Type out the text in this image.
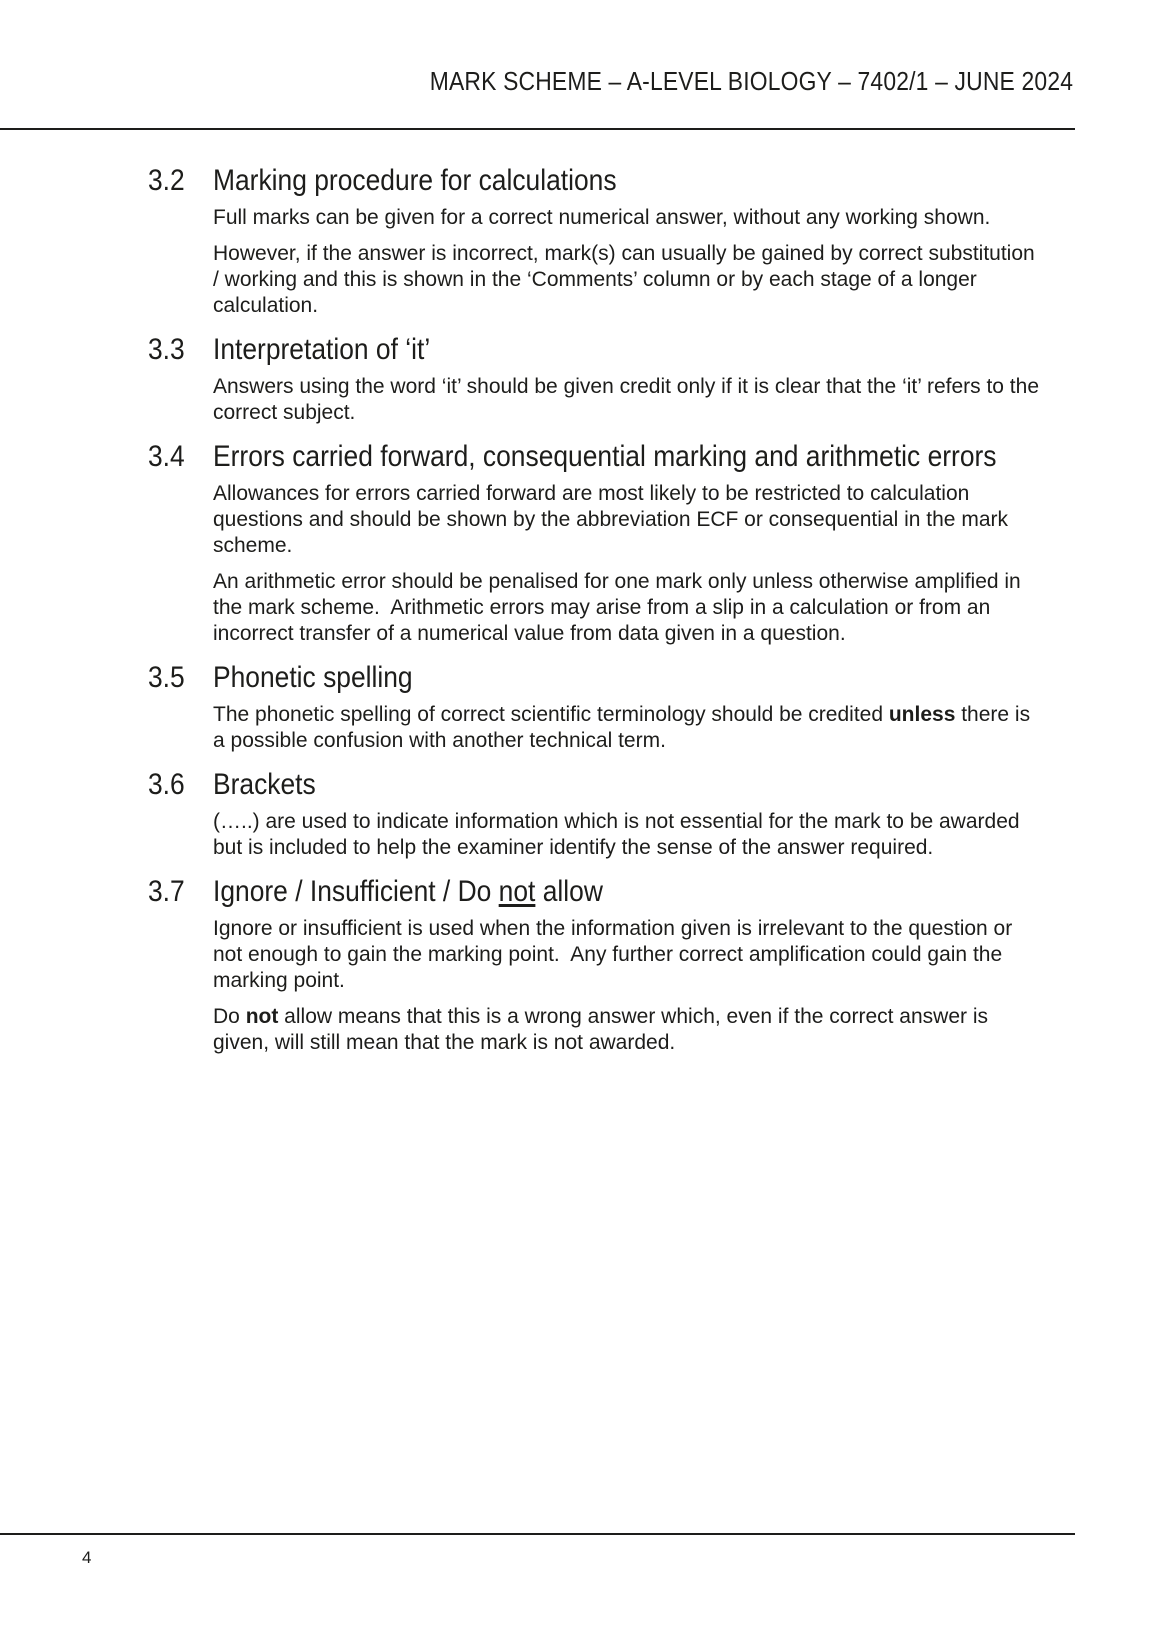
MARK SCHEME – A-LEVEL BIOLOGY – 7402/1 – JUNE 2024
3.2 Marking procedure for calculations

Full marks can be given for a correct numerical answer, without any working shown.

However, if the answer is incorrect, mark(s) can usually be gained by correct substitution / working and this is shown in the ‘Comments’ column or by each stage of a longer calculation.

3.3 Interpretation of ‘it’

Answers using the word ‘it’ should be given credit only if it is clear that the ‘it’ refers to the correct subject.

3.4 Errors carried forward, consequential marking and arithmetic errors

Allowances for errors carried forward are most likely to be restricted to calculation questions and should be shown by the abbreviation ECF or consequential in the mark scheme.

An arithmetic error should be penalised for one mark only unless otherwise amplified in the mark scheme.  Arithmetic errors may arise from a slip in a calculation or from an incorrect transfer of a numerical value from data given in a question.

3.5 Phonetic spelling

The phonetic spelling of correct scientific terminology should be credited unless there is a possible confusion with another technical term.

3.6 Brackets

(…..) are used to indicate information which is not essential for the mark to be awarded but is included to help the examiner identify the sense of the answer required.

3.7 Ignore / Insufficient / Do not allow

Ignore or insufficient is used when the information given is irrelevant to the question or not enough to gain the marking point.  Any further correct amplification could gain the marking point.

Do not allow means that this is a wrong answer which, even if the correct answer is given, will still mean that the mark is not awarded.

4
